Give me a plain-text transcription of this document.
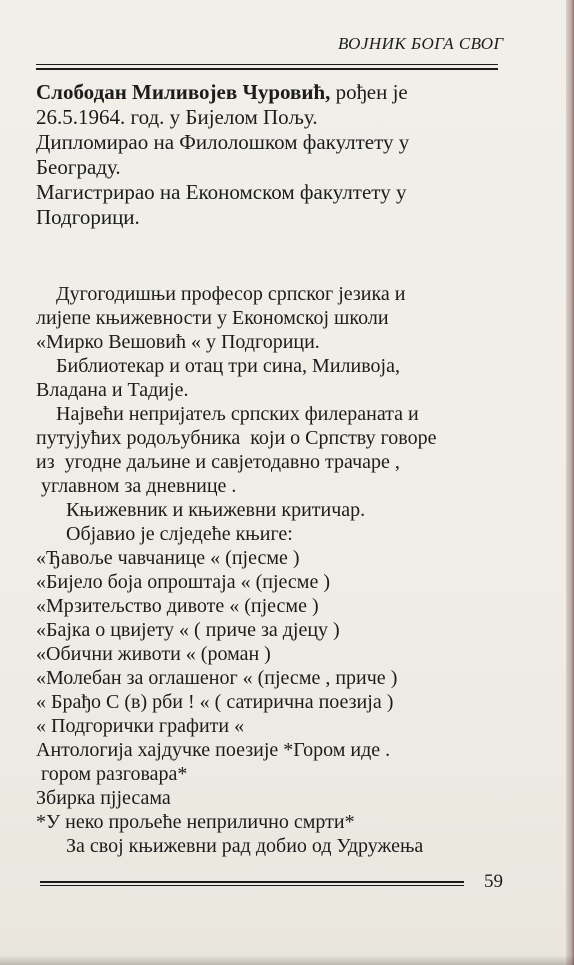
ВОЈНИК БОГА СВОГ
Слободан Миливојев Чуровић, рођен је
26.5.1964. год. у Бијелом Пољу.
Дипломирао на Филолошком факултету у
Београду.
Магистрирао на Економском факултету у
Подгорици.
Дугогодишњи професор српског језика и
лијепе књижевности у Економској школи
«Мирко Вешовић « у Подгорици.
Библиотекар и отац три сина, Миливоја,
Владана и Тадије.
Највећи непријатељ српских филераната и
путујућих родољубника  који о Српству говоре
из  угодне даљине и савјетодавно трачаре ,
углавном за дневнице .
Књижевник и књижевни критичар.
Објавио је слједеће књиге:
«Ђавоље чавчанице « (пјесме )
«Бијело боја опроштаја « (пјесме )
«Мрзитељство дивоте « (пјесме )
«Бајка о цвијету « ( приче за дјецу )
«Обични животи « (роман )
«Молебан за оглашеног « (пјесме , приче )
« Брађо С (в) рби ! « ( сатирична поезија )
« Подгорички графити «
Антологија хајдучке поезије *Гором иде .
гором разговара*
Збирка пјјесама
*У неко прољеће неприлично смрти*
За свој књижевни рад добио од Удружења
59
